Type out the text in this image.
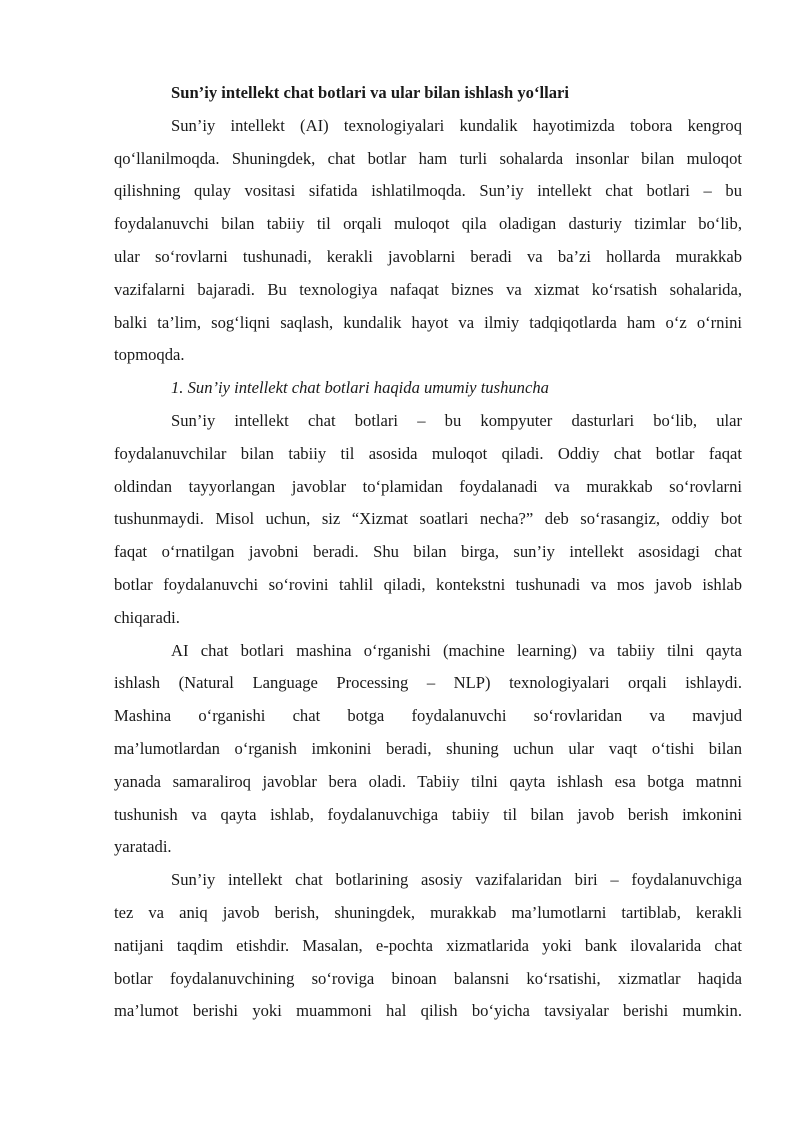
Sun’iy intellekt chat botlari va ular bilan ishlash yo‘llari
Sun’iy intellekt (AI) texnologiyalari kundalik hayotimizda tobora kengroq
qo‘llanilmoqda. Shuningdek, chat botlar ham turli sohalarda insonlar bilan muloqot
qilishning qulay vositasi sifatida ishlatilmoqda. Sun’iy intellekt chat botlari – bu
foydalanuvchi bilan tabiiy til orqali muloqot qila oladigan dasturiy tizimlar bo‘lib,
ular so‘rovlarni tushunadi, kerakli javoblarni beradi va ba’zi hollarda murakkab
vazifalarni bajaradi. Bu texnologiya nafaqat biznes va xizmat ko‘rsatish sohalarida,
balki ta’lim, sog‘liqni saqlash, kundalik hayot va ilmiy tadqiqotlarda ham o‘z o‘rnini
topmoqda.
1. Sun’iy intellekt chat botlari haqida umumiy tushuncha
Sun’iy intellekt chat botlari – bu kompyuter dasturlari bo‘lib, ular
foydalanuvchilar bilan tabiiy til asosida muloqot qiladi. Oddiy chat botlar faqat
oldindan tayyorlangan javoblar to‘plamidan foydalanadi va murakkab so‘rovlarni
tushunmaydi. Misol uchun, siz “Xizmat soatlari necha?” deb so‘rasangiz, oddiy bot
faqat o‘rnatilgan javobni beradi. Shu bilan birga, sun’iy intellekt asosidagi chat
botlar foydalanuvchi so‘rovini tahlil qiladi, kontekstni tushunadi va mos javob ishlab
chiqaradi.
AI chat botlari mashina o‘rganishi (machine learning) va tabiiy tilni qayta
ishlash (Natural Language Processing – NLP) texnologiyalari orqali ishlaydi.
Mashina o‘rganishi chat botga foydalanuvchi so‘rovlaridan va mavjud
ma’lumotlardan o‘rganish imkonini beradi, shuning uchun ular vaqt o‘tishi bilan
yanada samaraliroq javoblar bera oladi. Tabiiy tilni qayta ishlash esa botga matnni
tushunish va qayta ishlab, foydalanuvchiga tabiiy til bilan javob berish imkonini
yaratadi.
Sun’iy intellekt chat botlarining asosiy vazifalaridan biri – foydalanuvchiga
tez va aniq javob berish, shuningdek, murakkab ma’lumotlarni tartiblab, kerakli
natijani taqdim etishdir. Masalan, e-pochta xizmatlarida yoki bank ilovalarida chat
botlar foydalanuvchining so‘roviga binoan balansni ko‘rsatishi, xizmatlar haqida
ma’lumot berishi yoki muammoni hal qilish bo‘yicha tavsiyalar berishi mumkin.
